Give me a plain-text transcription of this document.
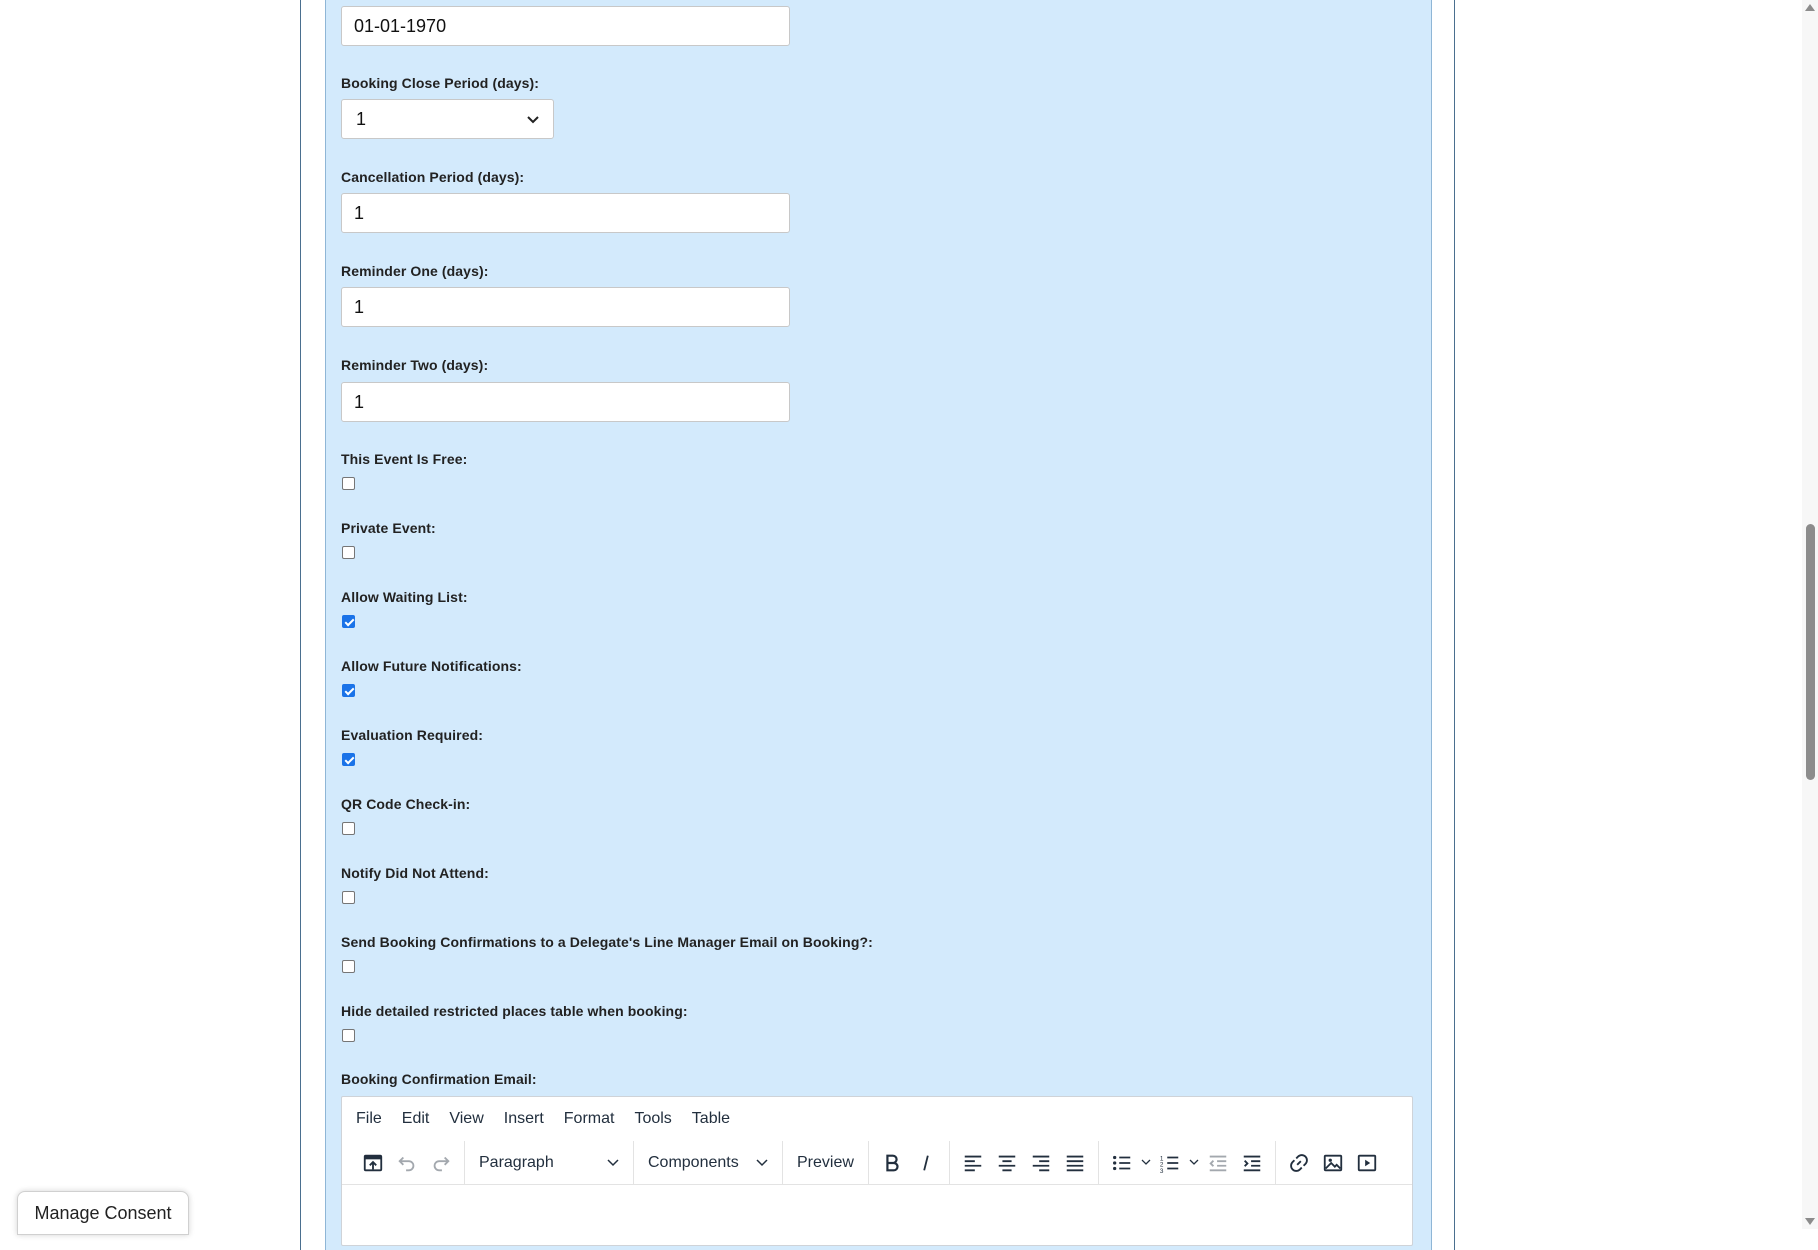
01-01-1970
Booking Close Period (days):
1
Cancellation Period (days):
1
Reminder One (days):
1
Reminder Two (days):
1
This Event Is Free:
Private Event:
Allow Waiting List:
Allow Future Notifications:
Evaluation Required:
QR Code Check-in:
Notify Did Not Attend:
Send Booking Confirmations to a Delegate's Line Manager Email on Booking?:
Hide detailed restricted places table when booking:
Booking Confirmation Email:
File Edit View Insert Format Tools Table
Paragraph	Components	Preview	1
2
3
Manage Consent
